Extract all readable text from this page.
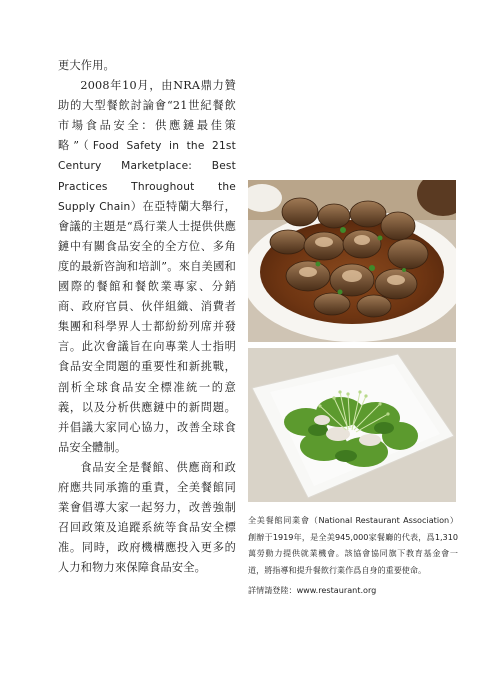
更大作用。

2008年10月，由NRA鼎力贊助的大型餐飲討論會“21世紀餐飲市場食品安全：供應鏈最佳策略”（Food Safety in the 21st Century Marketplace: Best Practices Throughout the Supply Chain）在亞特蘭大舉行，會議的主題是“爲行業人士提供供應鏈中有關食品安全的全方位、多角度的最新咨詢和培訓”。來自美國和國際的餐館和餐飲業專家、分銷商、政府官員、伙伴組織、消費者集團和科學界人士都紛紛列席并發言。此次會議旨在向專業人士指明食品安全問題的重要性和新挑戰，剖析全球食品安全標准統一的意義，以及分析供應鏈中的新問題。并倡議大家同心協力，改善全球食品安全體制。

食品安全是餐館、供應商和政府應共同承擔的重責，全美餐館同業會倡導大家一起努力，改善強制召回政策及追蹤系統等食品安全標准。同時，政府機構應投入更多的人力和物力來保障食品安全。

全美餐館同業會（National Restaurant Association）創辦于1919年，是全美945,000家餐廳的代表，爲1,310萬勞動力提供就業機會。該協會協同旗下教育基金會一道，將指導和提升餐飲行業作爲自身的重要使命。

詳情請登陸：www.restaurant.org
